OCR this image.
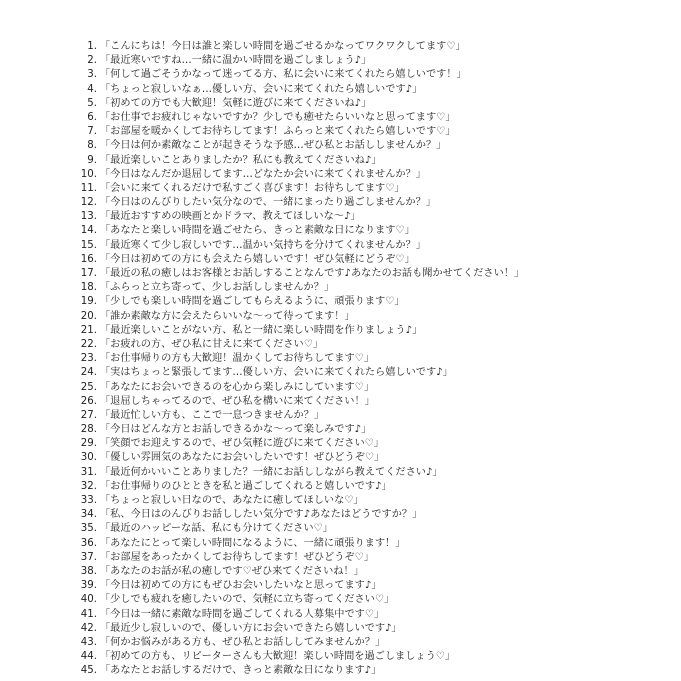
1. 「こんにちは！今日は誰と楽しい時間を過ごせるかなってワクワクしてます♡」
2. 「最近寒いですね…一緒に温かい時間を過ごしましょう♪」
3. 「何して過ごそうかなって迷ってる方、私に会いに来てくれたら嬉しいです！」
4. 「ちょっと寂しいなぁ…優しい方、会いに来てくれたら嬉しいです♪」
5. 「初めての方でも大歓迎！気軽に遊びに来てくださいね♪」
6. 「お仕事でお疲れじゃないですか？少しでも癒せたらいいなと思ってます♡」
7. 「お部屋を暖かくしてお待ちしてます！ふらっと来てくれたら嬉しいです♡」
8. 「今日は何か素敵なことが起きそうな予感…ぜひ私とお話ししませんか？」
9. 「最近楽しいことありましたか？私にも教えてくださいね♪」
10. 「今日はなんだか退屈してます…どなたか会いに来てくれませんか？」
11. 「会いに来てくれるだけで私すごく喜びます！お待ちしてます♡」
12. 「今日はのんびりしたい気分なので、一緒にまったり過ごしませんか？」
13. 「最近おすすめの映画とかドラマ、教えてほしいな～♪」
14. 「あなたと楽しい時間を過ごせたら、きっと素敵な日になります♡」
15. 「最近寒くて少し寂しいです…温かい気持ちを分けてくれませんか？」
16. 「今日は初めての方にも会えたら嬉しいです！ぜひ気軽にどうぞ♡」
17. 「最近の私の癒しはお客様とお話しすることなんです♪あなたのお話も聞かせてください！」
18. 「ふらっと立ち寄って、少しお話ししませんか？」
19. 「少しでも楽しい時間を過ごしてもらえるように、頑張ります♡」
20. 「誰か素敵な方に会えたらいいな～って待ってます！」
21. 「最近楽しいことがない方、私と一緒に楽しい時間を作りましょう♪」
22. 「お疲れの方、ぜひ私に甘えに来てください♡」
23. 「お仕事帰りの方も大歓迎！温かくしてお待ちしてます♡」
24. 「実はちょっと緊張してます…優しい方、会いに来てくれたら嬉しいです♪」
25. 「あなたにお会いできるのを心から楽しみにしています♡」
26. 「退屈しちゃってるので、ぜひ私を構いに来てください！」
27. 「最近忙しい方も、ここで一息つきませんか？」
28. 「今日はどんな方とお話しできるかな～って楽しみです♪」
29. 「笑顔でお迎えするので、ぜひ気軽に遊びに来てください♡」
30. 「優しい雰囲気のあなたにお会いしたいです！ぜひどうぞ♡」
31. 「最近何かいいことありました？一緒にお話ししながら教えてください♪」
32. 「お仕事帰りのひとときを私と過ごしてくれると嬉しいです♪」
33. 「ちょっと寂しい日なので、あなたに癒してほしいな♡」
34. 「私、今日はのんびりお話ししたい気分です♪あなたはどうですか？」
35. 「最近のハッピーな話、私にも分けてください♡」
36. 「あなたにとって楽しい時間になるように、一緒に頑張ります！」
37. 「お部屋をあったかくしてお待ちしてます！ぜひどうぞ♡」
38. 「あなたのお話が私の癒しです♡ぜひ来てくださいね！」
39. 「今日は初めての方にもぜひお会いしたいなと思ってます♪」
40. 「少しでも疲れを癒したいので、気軽に立ち寄ってください♡」
41. 「今日は一緒に素敵な時間を過ごしてくれる人募集中です♡」
42. 「最近少し寂しいので、優しい方にお会いできたら嬉しいです♪」
43. 「何かお悩みがある方も、ぜひ私とお話ししてみませんか？」
44. 「初めての方も、リピーターさんも大歓迎！楽しい時間を過ごしましょう♡」
45. 「あなたとお話しするだけで、きっと素敵な日になります♪」
